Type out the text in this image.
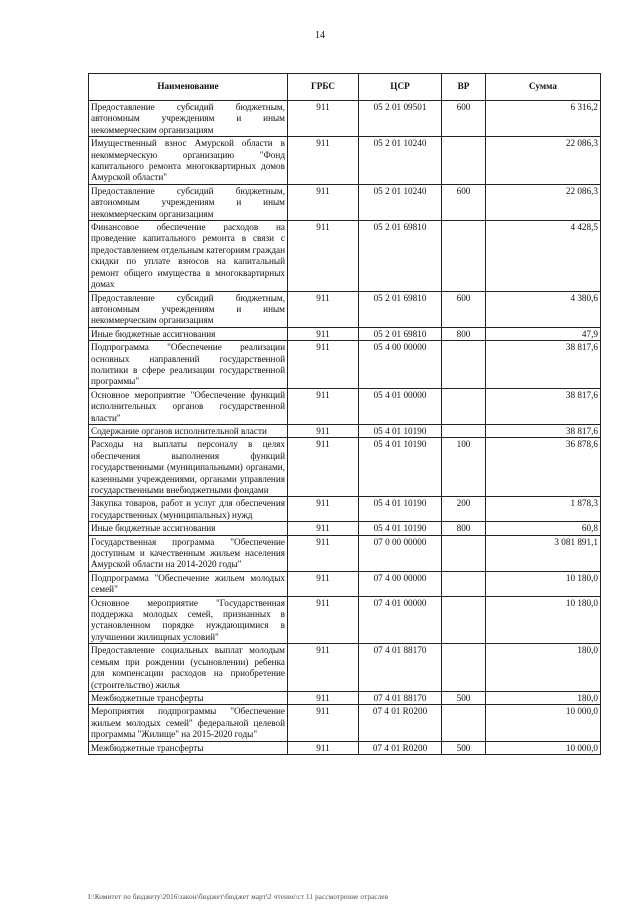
14
Наименование	ГРБС	ЦСР	ВР	Сумма
Предоставление субсидий бюджетным, автономным учреждениям и иным некоммерческим организациям	911	05 2 01 09501	600	6 316,2
Имущественный взнос Амурской области в некоммерческую организацию "Фонд капитального ремонта многоквартирных домов Амурской области"	911	05 2 01 10240		22 086,3
Предоставление субсидий бюджетным, автономным учреждениям и иным некоммерческим организациям	911	05 2 01 10240	600	22 086,3
Финансовое обеспечение расходов на проведение капитального ремонта в связи с предоставлением отдельным категориям граждан скидки по уплате взносов на капитальный ремонт общего имущества в многоквартирных домах	911	05 2 01 69810		4 428,5
Предоставление субсидий бюджетным, автономным учреждениям и иным некоммерческим организациям	911	05 2 01 69810	600	4 380,6
Иные бюджетные ассигнования	911	05 2 01 69810	800	47,9
Подпрограмма "Обеспечение реализации основных направлений государственной политики в сфере реализации государственной программы"	911	05 4 00 00000		38 817,6
Основное мероприятие "Обеспечение функций исполнительных органов государственной власти"	911	05 4 01 00000		38 817,6
Содержание органов исполнительной власти	911	05 4 01 10190		38 817,6
Расходы на выплаты персоналу в целях обеспечения выполнения функций государственными (муниципальными) органами, казенными учреждениями, органами управления государственными внебюджетными фондами	911	05 4 01 10190	100	36 878,6
Закупка товаров, работ и услуг для обеспечения государственных (муниципальных) нужд	911	05 4 01 10190	200	1 878,3
Иные бюджетные ассигнования	911	05 4 01 10190	800	60,8
Государственная программа "Обеспечение доступным и качественным жильем населения Амурской области на 2014-2020 годы"	911	07 0 00 00000		3 081 891,1
Подпрограмма "Обеспечение жильем молодых семей"	911	07 4 00 00000		10 180,0
Основное мероприятие "Государственная поддержка молодых семей, признанных в установленном порядке нуждающимися в улучшении жилищных условий"	911	07 4 01 00000		10 180,0
Предоставление социальных выплат молодым семьям при рождении (усыновлении) ребенка для компенсации расходов на приобретение (строительство) жилья	911	07 4 01 88170		180,0
Межбюджетные трансферты	911	07 4 01 88170	500	180,0
Мероприятия подпрограммы "Обеспечение жильем молодых семей" федеральной целевой программы "Жилище" на 2015-2020 годы"	911	07 4 01 R0200		10 000,0
Межбюджетные трансферты	911	07 4 01 R0200	500	10 000,0
I:\Комитет по бюджету\2016\закон\бюджет\бюджет март\2 чтение\ст 11 рассмотрение отраслев
